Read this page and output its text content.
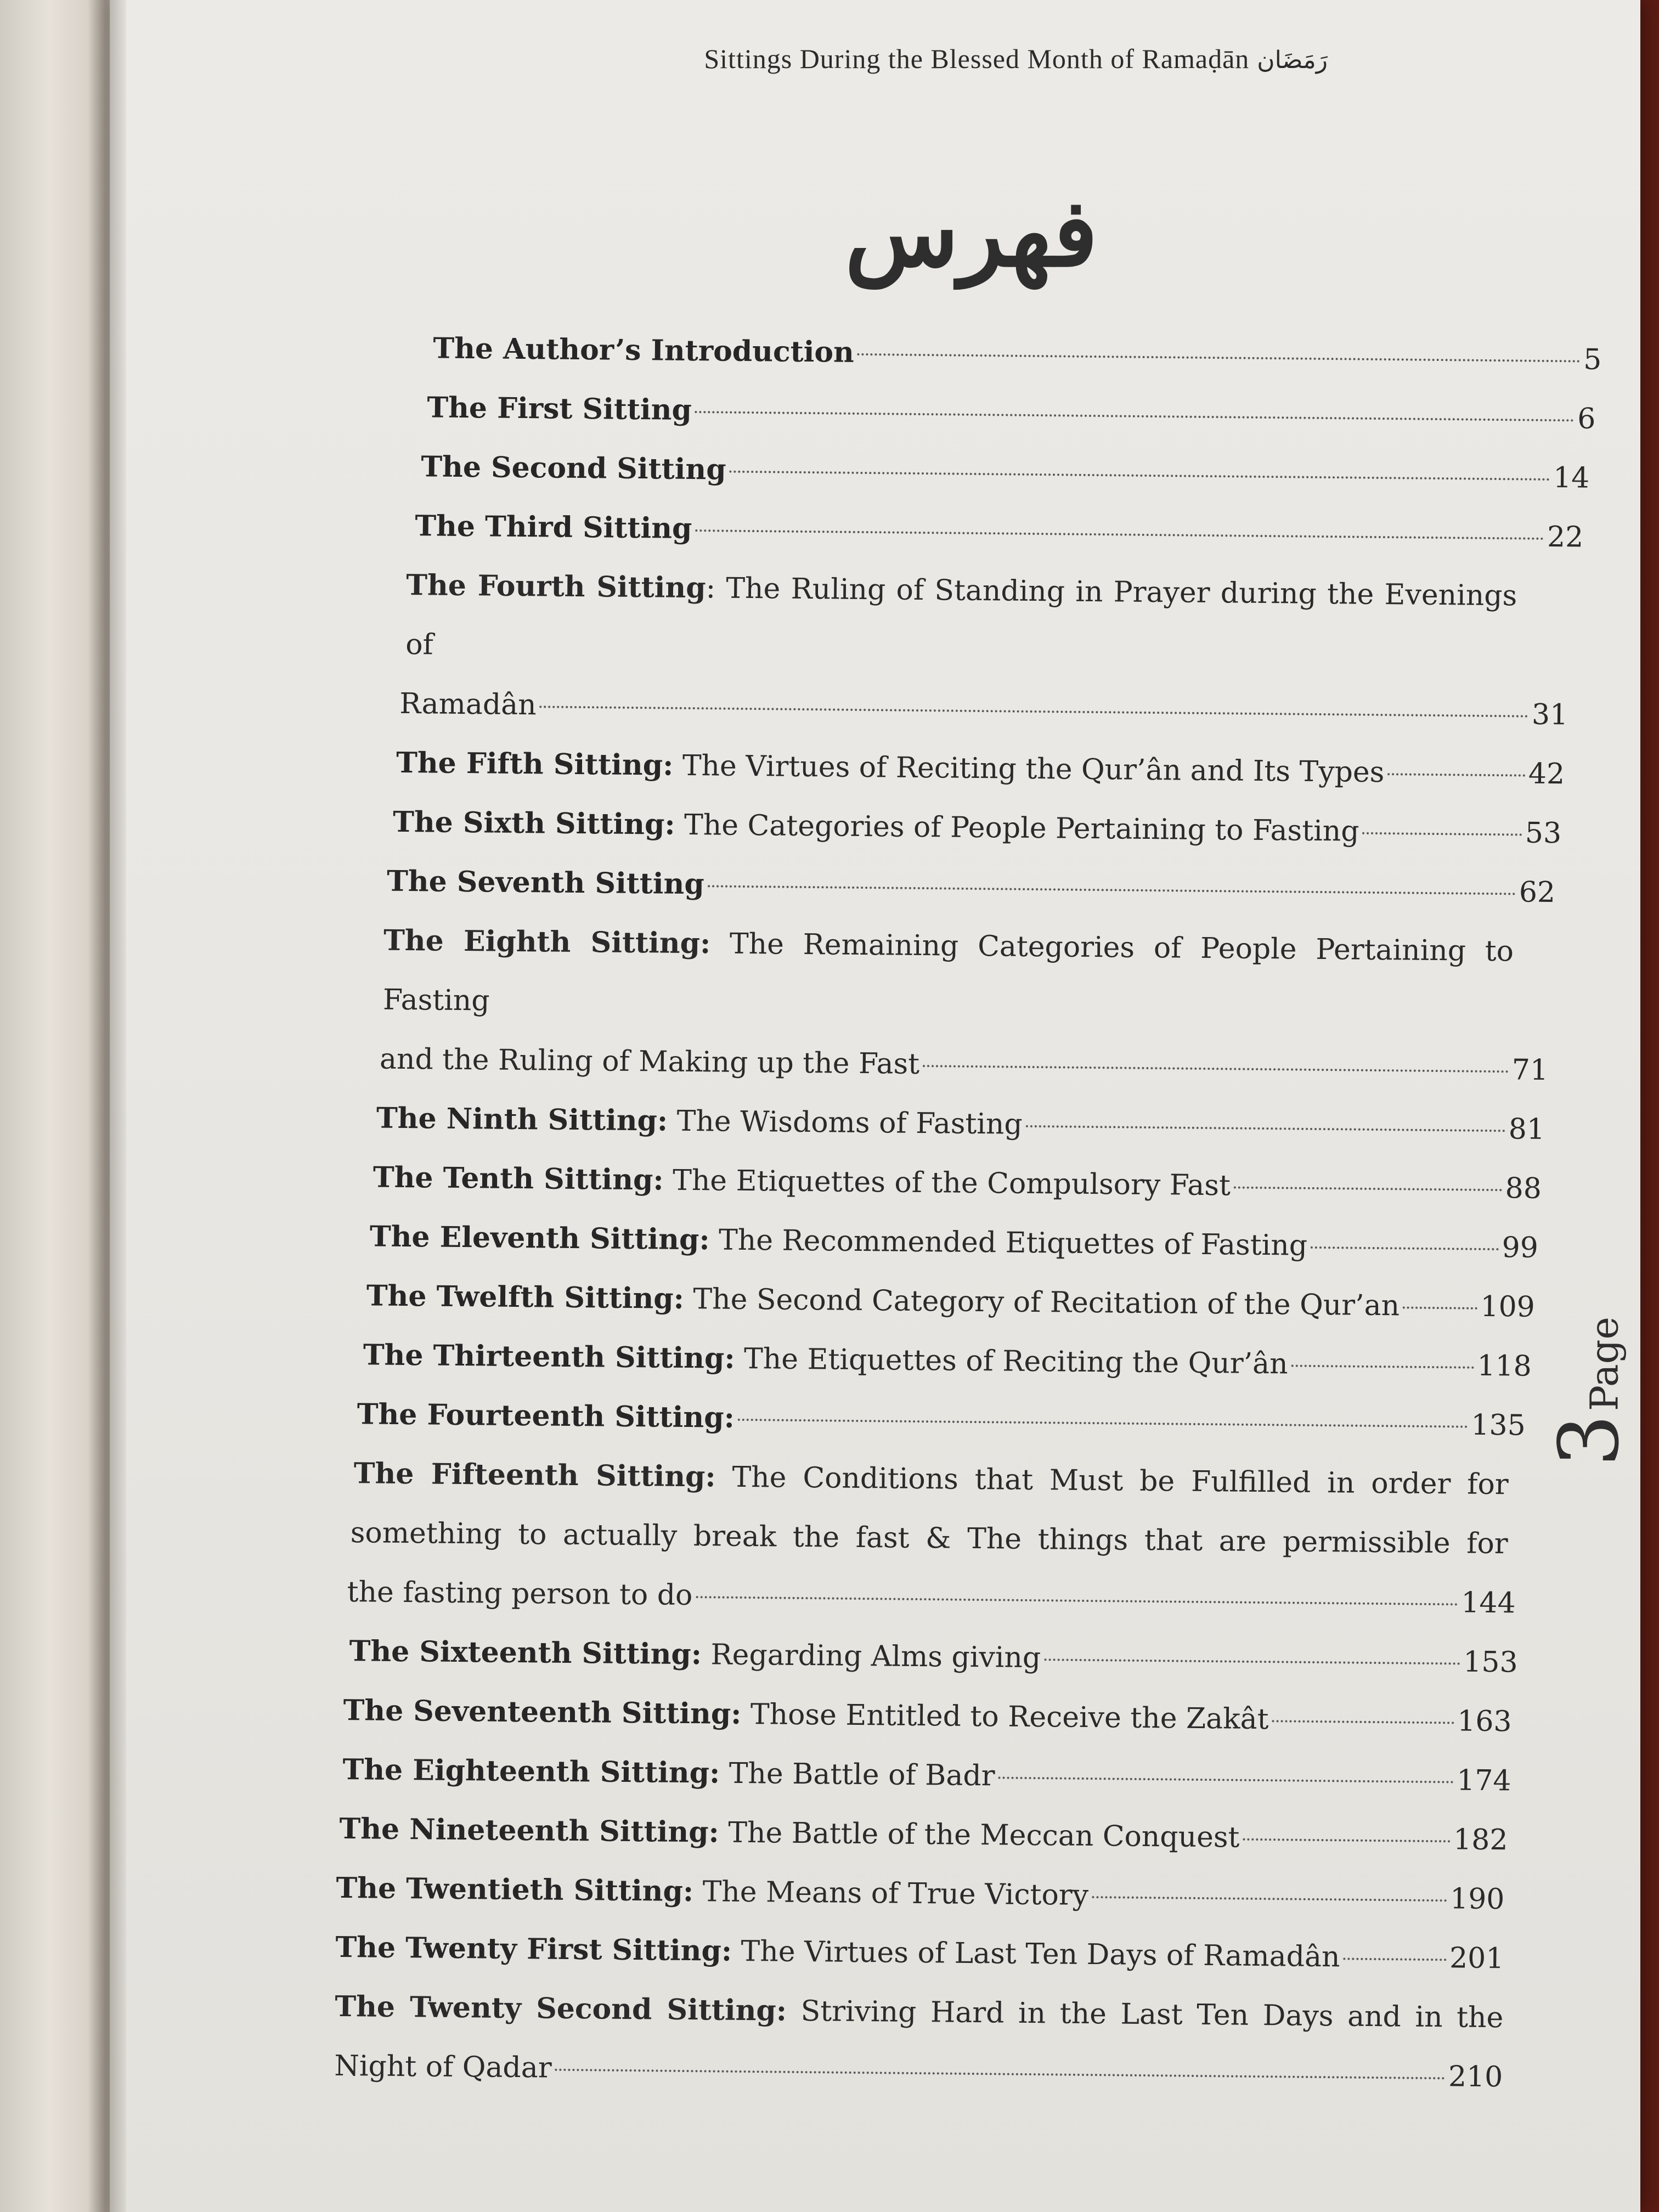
Sittings During the Blessed Month of Ramaḍān رَمَضَان
فهرس
The Author’s Introduction	5
The First Sitting	6
The Second Sitting	14
The Third Sitting	22
The Fourth Sitting: The Ruling of Standing in Prayer during the Evenings of
Ramadân	31
The Fifth Sitting: The Virtues of Reciting the Qur’ân and Its Types	42
The Sixth Sitting: The Categories of People Pertaining to Fasting	53
The Seventh Sitting	62
The Eighth Sitting: The Remaining Categories of People Pertaining to Fasting
and the Ruling of Making up the Fast	71
The Ninth Sitting: The Wisdoms of Fasting	81
The Tenth Sitting: The Etiquettes of the Compulsory Fast	88
The Eleventh Sitting: The Recommended Etiquettes of Fasting	99
The Twelfth Sitting: The Second Category of Recitation of the Qur’an	109
The Thirteenth Sitting: The Etiquettes of Reciting the Qur’ân	118
The Fourteenth Sitting:	135
The Fifteenth Sitting: The Conditions that Must be Fulfilled in order for
something to actually break the fast & The things that are permissible for
the fasting person to do	144
The Sixteenth Sitting: Regarding Alms giving	153
The Seventeenth Sitting: Those Entitled to Receive the Zakât	163
The Eighteenth Sitting: The Battle of Badr	174
The Nineteenth Sitting: The Battle of the Meccan Conquest	182
The Twentieth Sitting: The Means of True Victory	190
The Twenty First Sitting: The Virtues of Last Ten Days of Ramadân	201
The Twenty Second Sitting: Striving Hard in the Last Ten Days and in the
Night of Qadar	210
3Page
